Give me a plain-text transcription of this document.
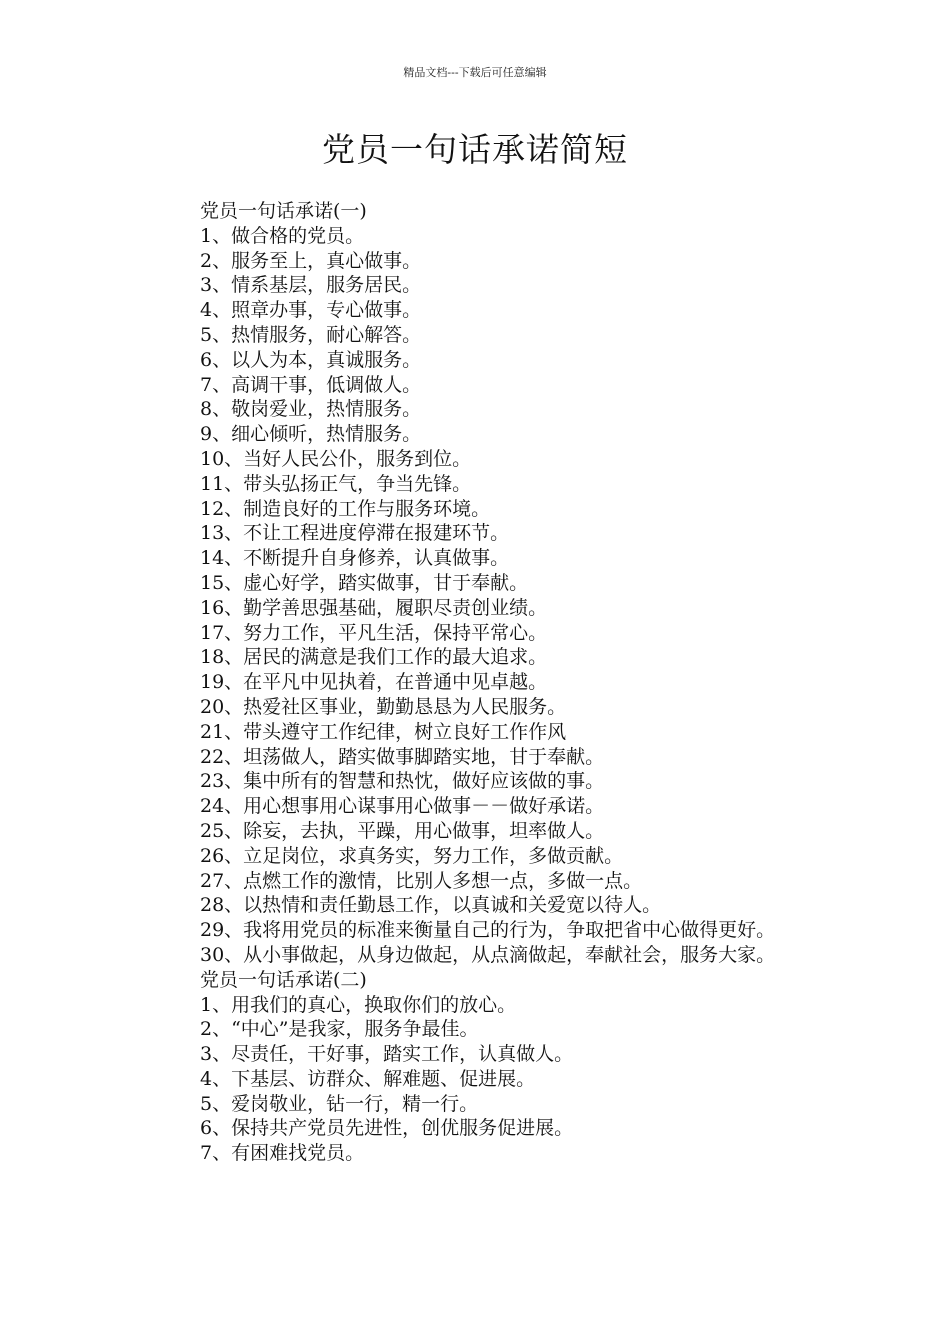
精品文档---下载后可任意编辑
党员一句话承诺简短
党员一句话承诺(一)
1、做合格的党员。
2、服务至上，真心做事。
3、情系基层，服务居民。
4、照章办事，专心做事。
5、热情服务，耐心解答。
6、以人为本，真诚服务。
7、高调干事，低调做人。
8、敬岗爱业，热情服务。
9、细心倾听，热情服务。
10、当好人民公仆，服务到位。
11、带头弘扬正气，争当先锋。
12、制造良好的工作与服务环境。
13、不让工程进度停滞在报建环节。
14、不断提升自身修养，认真做事。
15、虚心好学，踏实做事，甘于奉献。
16、勤学善思强基础，履职尽责创业绩。
17、努力工作，平凡生活，保持平常心。
18、居民的满意是我们工作的最大追求。
19、在平凡中见执着，在普通中见卓越。
20、热爱社区事业，勤勤恳恳为人民服务。
21、带头遵守工作纪律，树立良好工作作风
22、坦荡做人，踏实做事脚踏实地，甘于奉献。
23、集中所有的智慧和热忱，做好应该做的事。
24、用心想事用心谋事用心做事－－做好承诺。
25、除妄，去执，平躁，用心做事，坦率做人。
26、立足岗位，求真务实，努力工作，多做贡献。
27、点燃工作的激情，比别人多想一点，多做一点。
28、以热情和责任勤恳工作，以真诚和关爱宽以待人。
29、我将用党员的标准来衡量自己的行为，争取把省中心做得更好。
30、从小事做起，从身边做起，从点滴做起，奉献社会，服务大家。
党员一句话承诺(二)
1、用我们的真心，换取你们的放心。
2、“中心”是我家，服务争最佳。
3、尽责任，干好事，踏实工作，认真做人。
4、下基层、访群众、解难题、促进展。
5、爱岗敬业，钻一行，精一行。
6、保持共产党员先进性，创优服务促进展。
7、有困难找党员。
